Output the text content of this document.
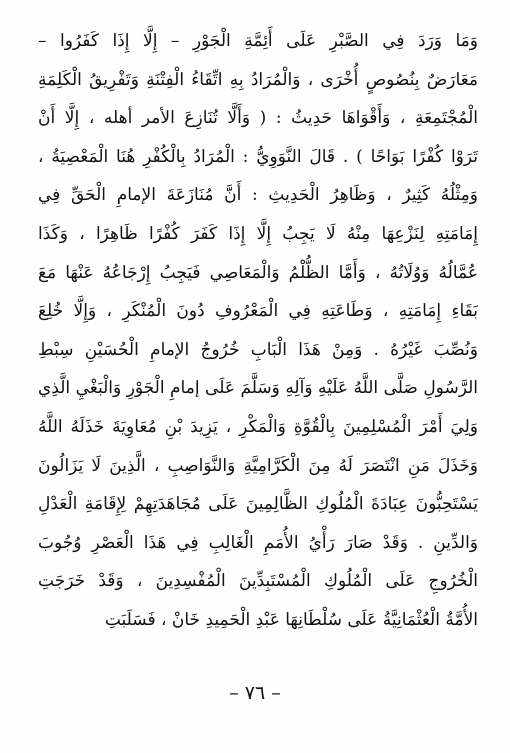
وَمَا وَرَدَ فِي الصَّبْرِ عَلَى أَئِمَّةِ الْجَوْرِ – إِلَّا إِذَا كَفَرُوا –
مَعَارَضٌ بِنُصُوصٍ أُخْرَى ، وَالْمُرَادُ بِهِ اتِّقَاءُ الْفِتْنَةِ وَتَفْرِيقُ الْكَلِمَةِ
الْمُجْتَمِعَةِ ، وَأَقْوَاهَا حَدِيثُ : ( وَأَلَّا تُنَازِعَ الأمر أهله ، إِلَّا أَنْ
تَرَوْا كُفْرًا بَوَاحًا ) . قَالَ النَّوَوِيُّ : الْمُرَادُ بِالْكُفْرِ هُنَا الْمَعْصِيَةُ ،
وَمِثْلُهُ كَثِيرٌ ، وَظَاهِرُ الْحَدِيثِ : أَنَّ مُنَازَعَةَ الإمامِ الْحَقِّ فِي
إِمَامَتِهِ لِنَزْعِهَا مِنْهُ لَا يَجِبُ إِلَّا إِذَا كَفَرَ كُفْرًا ظَاهِرًا ، وَكَذَا
عُمَّالُهُ وَوُلَاتُهُ ، وَأَمَّا الظُّلْمُ وَالْمَعَاصِي فَيَجِبُ إِرْجَاعُهُ عَنْهَا مَعَ
بَقَاءِ إِمَامَتِهِ ، وَطَاعَتِهِ فِي الْمَعْرُوفِ دُونَ الْمُنْكَرِ ، وَإِلَّا خُلِعَ
وَنُصِّبَ غَيْرُهُ . وَمِنْ هَذَا الْبَابِ خُرُوجُ الإمامِ الْحُسَيْنِ سِبْطِ
الرَّسُولِ صَلَّى اللَّهُ عَلَيْهِ وَآلِهِ وَسَلَّمَ عَلَى إمامِ الْجَوْرِ وَالْبَغْيِ الَّذِي
وَلِيَ أَمْرَ الْمُسْلِمِينَ بِالْقُوَّةِ وَالْمَكْرِ ، يَزِيدَ بْنِ مُعَاوِيَةَ خَذَلَهُ اللَّهُ
وَخَذَلَ مَنِ انْتَصَرَ لَهُ مِنَ الْكَرَّامِيَّةِ وَالنَّوَاصِبِ ، الَّذِينَ لَا يَزَالُونَ
يَسْتَحِبُّونَ عِبَادَةَ الْمُلُوكِ الظَّالِمِينَ عَلَى مُجَاهَدَتِهِمْ لِإِقَامَةِ الْعَدْلِ
وَالدِّينِ . وَقَدْ صَارَ رَأْيُ الأُمَمِ الْغَالِبِ فِي هَذَا الْعَصْرِ وُجُوبَ
الْخُرُوجِ عَلَى الْمُلُوكِ الْمُسْتَبِدِّينَ الْمُفْسِدِينَ ، وَقَدْ خَرَجَتِ
الأُمَّةُ الْعُثْمَانِيَّةُ عَلَى سُلْطَانِهَا عَبْدِ الْحَمِيدِ خَانْ ، فَسَلَبَتِ
– ٧٦ –
